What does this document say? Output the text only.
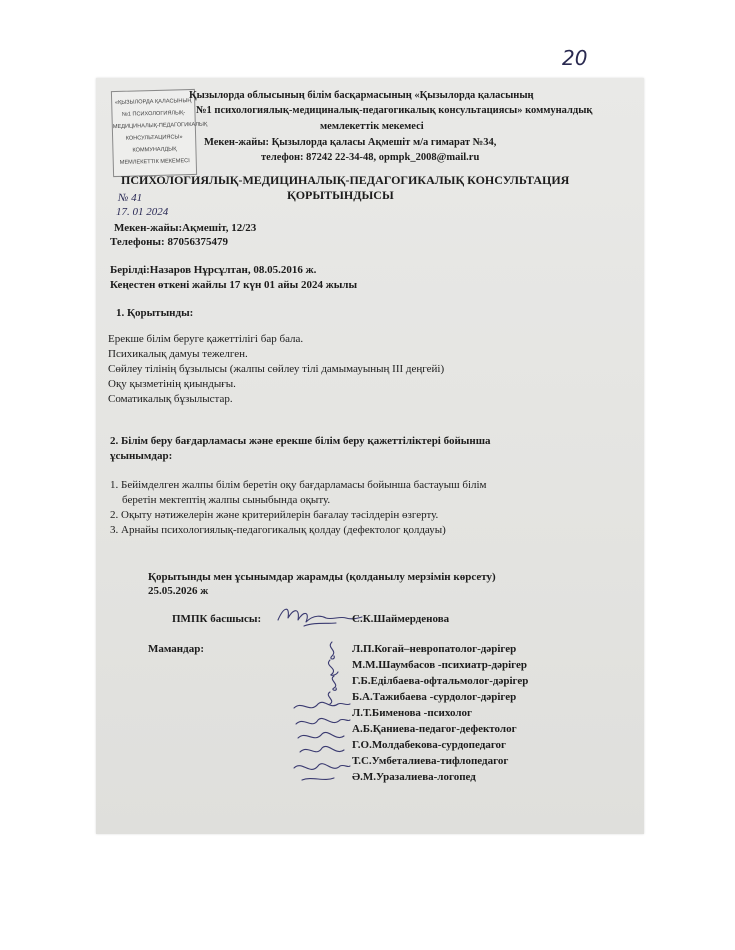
20
«ҚЫЗЫЛОРДА ҚАЛАСЫНЫҢ
№1 ПСИХОЛОГИЯЛЫҚ-
МЕДИЦИНАЛЫҚ-ПЕДАГОГИКАЛЫҚ
КОНСУЛЬТАЦИЯСЫ»
КОММУНАЛДЫҚ
МЕМЛЕКЕТТІК МЕКЕМЕСІ
Қызылорда облысының білім басқармасының «Қызылорда қаласының
№1 психологиялық-медициналық-педагогикалық консультациясы» коммуналдық
мемлекеттік мекемесі
Мекен-жайы: Қызылорда қаласы Ақмешіт м/а гимарат №34,
телефон: 87242 22-34-48, opmpk_2008@mail.ru
ПСИХОЛОГИЯЛЫҚ-МЕДИЦИНАЛЫҚ-ПЕДАГОГИКАЛЫҚ КОНСУЛЬТАЦИЯ
ҚОРЫТЫНДЫСЫ
№ 41
17. 01 2024
Мекен-жайы:Ақмешіт, 12/23
Телефоны: 87056375479
Берілді:Назаров Нұрсұлтан, 08.05.2016 ж.
Кеңестен өткені жайлы 17 күн 01 айы 2024 жылы
1. Қорытынды:
Ерекше білім беруге қажеттілігі бар бала.
Психикалық дамуы тежелген.
Сөйлеу тілінің бұзылысы (жалпы сөйлеу тілі дамымауының III деңгейі)
Оқу қызметінің қиындығы.
Соматикалық бұзылыстар.
2. Білім беру бағдарламасы және ерекше білім беру қажеттіліктері бойынша
ұсынымдар:
1. Бейімделген жалпы білім беретін оқу бағдарламасы бойынша бастауыш білім
беретін мектептің жалпы сыныбында оқыту.
2. Оқыту нәтижелерін және критерийлерін бағалау тәсілдерін өзгерту.
3. Арнайы психологиялық-педагогикалық қолдау (дефектолог қолдауы)
Қорытынды мен ұсынымдар жарамды (қолданылу мерзімін көрсету)
25.05.2026 ж
ПМПК басшысы:	С.К.Шаймерденова
Мамандар:	Л.П.Когай–невропатолог-дәрігер
М.М.Шаумбасов -психиатр-дәрігер
Г.Б.Еділбаева-офтальмолог-дәрігер
Б.А.Тажибаева -сурдолог-дәрігер
Л.Т.Бименова -психолог
А.Б.Қаниева-педагог-дефектолог
Г.О.Молдабекова-сурдопедагог
Т.С.Умбеталиева-тифлопедагог
Ә.М.Уразалиева-логопед
